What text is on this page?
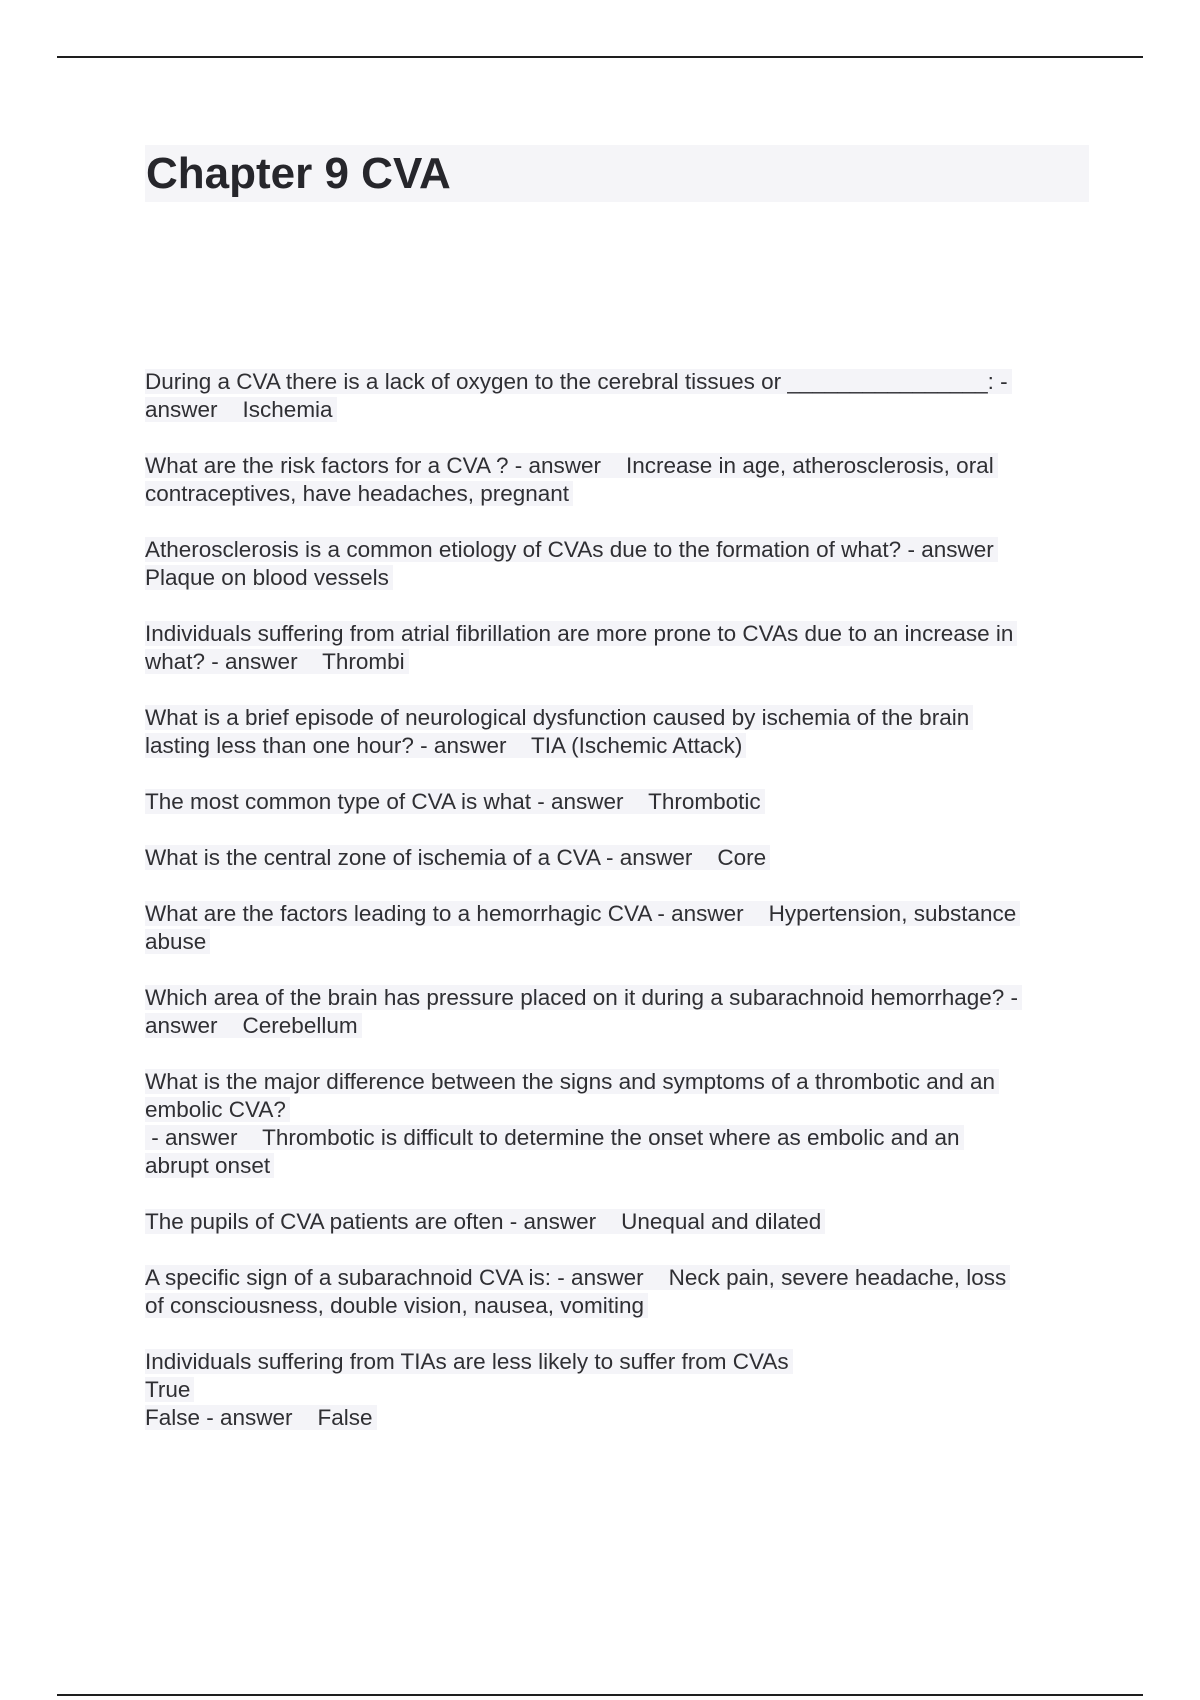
Chapter 9 CVA
During a CVA there is a lack of oxygen to the cerebral tissues or ________________: -
answer    Ischemia
What are the risk factors for a CVA ? - answer    Increase in age, atherosclerosis, oral
contraceptives, have headaches, pregnant
Atherosclerosis is a common etiology of CVAs due to the formation of what? - answer
Plaque on blood vessels
Individuals suffering from atrial fibrillation are more prone to CVAs due to an increase in
what? - answer    Thrombi
What is a brief episode of neurological dysfunction caused by ischemia of the brain
lasting less than one hour? - answer    TIA (Ischemic Attack)
The most common type of CVA is what - answer    Thrombotic
What is the central zone of ischemia of a CVA - answer    Core
What are the factors leading to a hemorrhagic CVA - answer    Hypertension, substance
abuse
Which area of the brain has pressure placed on it during a subarachnoid hemorrhage? -
answer    Cerebellum
What is the major difference between the signs and symptoms of a thrombotic and an
embolic CVA?
- answer    Thrombotic is difficult to determine the onset where as embolic and an
abrupt onset
The pupils of CVA patients are often - answer    Unequal and dilated
A specific sign of a subarachnoid CVA is: - answer    Neck pain, severe headache, loss
of consciousness, double vision, nausea, vomiting
Individuals suffering from TIAs are less likely to suffer from CVAs
True
False - answer    False
